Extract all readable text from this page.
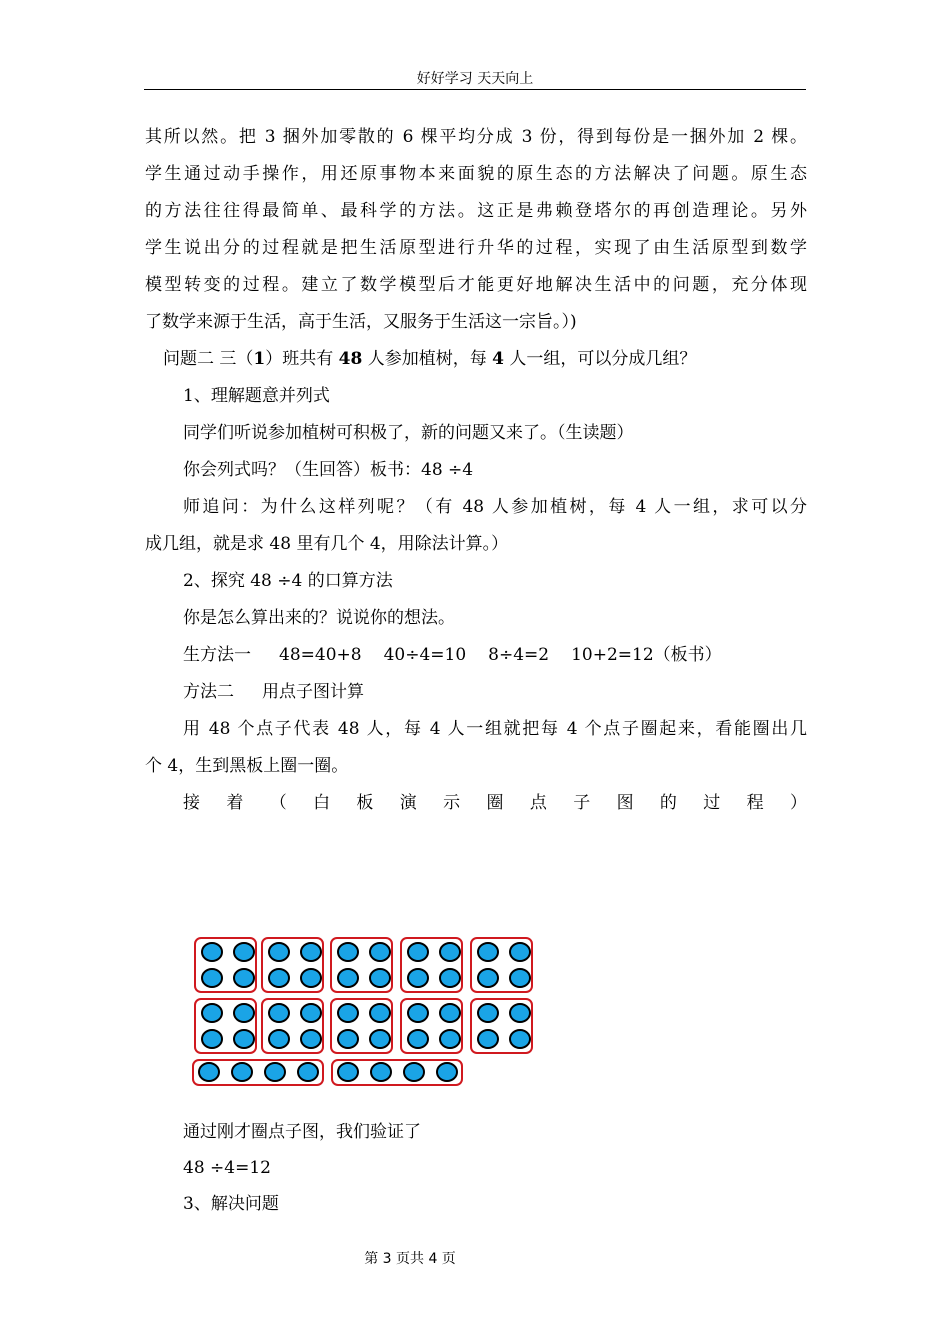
好好学习 天天向上
其所以然。把 3 捆外加零散的 6 棵平均分成 3 份，得到每份是一捆外加 2 棵。
学生通过动手操作，用还原事物本来面貌的原生态的方法解决了问题。原生态
的方法往往得最简单、最科学的方法。这正是弗赖登塔尔的再创造理论。另外
学生说出分的过程就是把生活原型进行升华的过程，实现了由生活原型到数学
模型转变的过程。建立了数学模型后才能更好地解决生活中的问题，充分体现
了数学来源于生活，高于生活，又服务于生活这一宗旨。）)
问题二 三（1）班共有 48 人参加植树，每 4 人一组，可以分成几组？
1、理解题意并列式
同学们听说参加植树可积极了，新的问题又来了。（生读题）
你会列式吗？（生回答）板书：48 ÷4
师追问：为什么这样列呢？（有 48 人参加植树，每 4 人一组，求可以分
成几组，就是求 48 里有几个 4，用除法计算。）
2、探究 48 ÷4 的口算方法
你是怎么算出来的？说说你的想法。
生方法一 48=40+8 40÷4=10 8÷4=2 10+2=12（板书）
方法二 用点子图计算
用 48 个点子代表 48 人，每 4 人一组就把每 4 个点子圈起来，看能圈出几
个 4，生到黑板上圈一圈。
接着（白板演示圈点子图的过程）
通过刚才圈点子图，我们验证了
48 ÷4=12
3、解决问题
第 3 页共 4 页
